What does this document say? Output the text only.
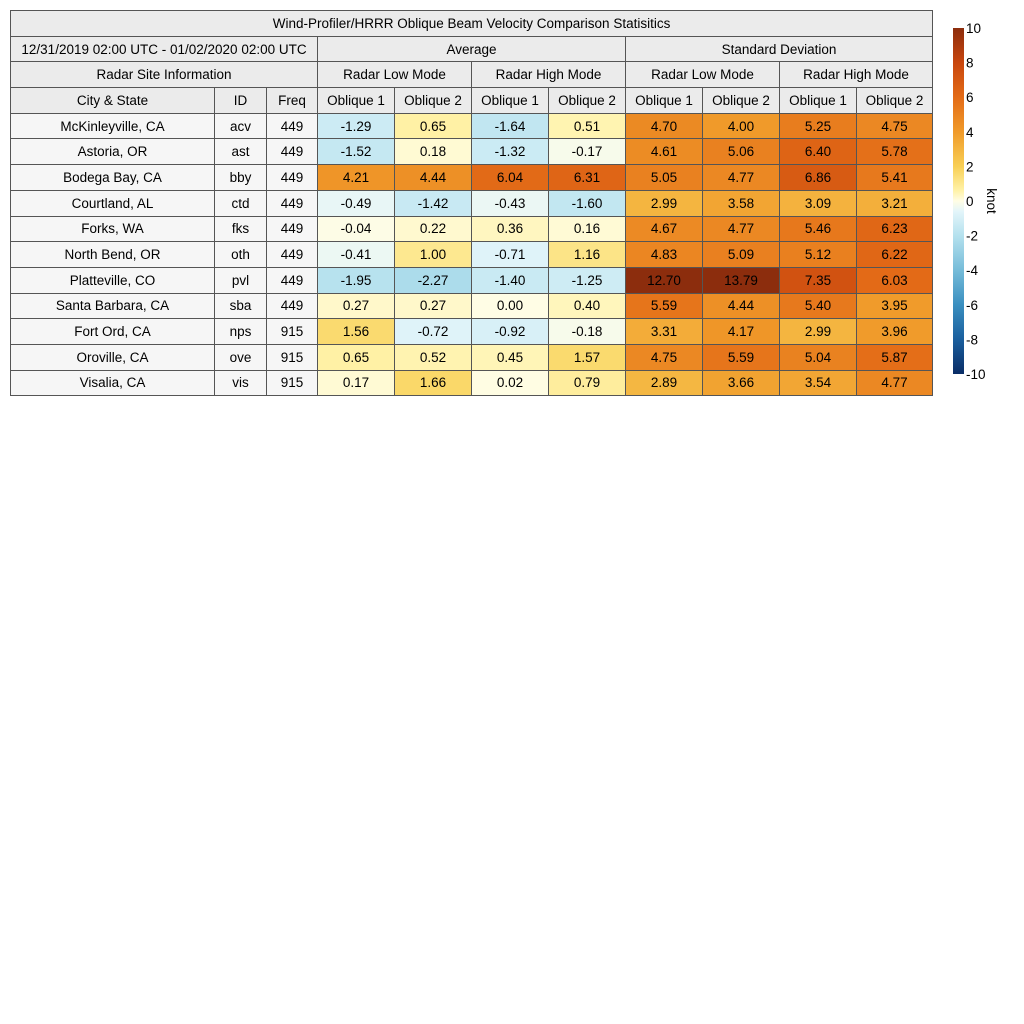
Wind-Profiler/HRRR Oblique Beam Velocity Comparison Statisitics										
12/31/2019 02:00 UTC - 01/02/2020 02:00 UTC			Average				Standard Deviation			
Radar Site Information			Radar Low Mode		Radar High Mode		Radar Low Mode		Radar High Mode	
City & State	ID	Freq	Oblique 1	Oblique 2	Oblique 1	Oblique 2	Oblique 1	Oblique 2	Oblique 1	Oblique 2
McKinleyville, CA	acv	449	-1.29	0.65	-1.64	0.51	4.70	4.00	5.25	4.75
Astoria, OR	ast	449	-1.52	0.18	-1.32	-0.17	4.61	5.06	6.40	5.78
Bodega Bay, CA	bby	449	4.21	4.44	6.04	6.31	5.05	4.77	6.86	5.41
Courtland, AL	ctd	449	-0.49	-1.42	-0.43	-1.60	2.99	3.58	3.09	3.21
Forks, WA	fks	449	-0.04	0.22	0.36	0.16	4.67	4.77	5.46	6.23
North Bend, OR	oth	449	-0.41	1.00	-0.71	1.16	4.83	5.09	5.12	6.22
Platteville, CO	pvl	449	-1.95	-2.27	-1.40	-1.25	12.70	13.79	7.35	6.03
Santa Barbara, CA	sba	449	0.27	0.27	0.00	0.40	5.59	4.44	5.40	3.95
Fort Ord, CA	nps	915	1.56	-0.72	-0.92	-0.18	3.31	4.17	2.99	3.96
Oroville, CA	ove	915	0.65	0.52	0.45	1.57	4.75	5.59	5.04	5.87
Visalia, CA	vis	915	0.17	1.66	0.02	0.79	2.89	3.66	3.54	4.77
10
8
6
4
2
0
-2
-4
-6
-8
-10
knot
